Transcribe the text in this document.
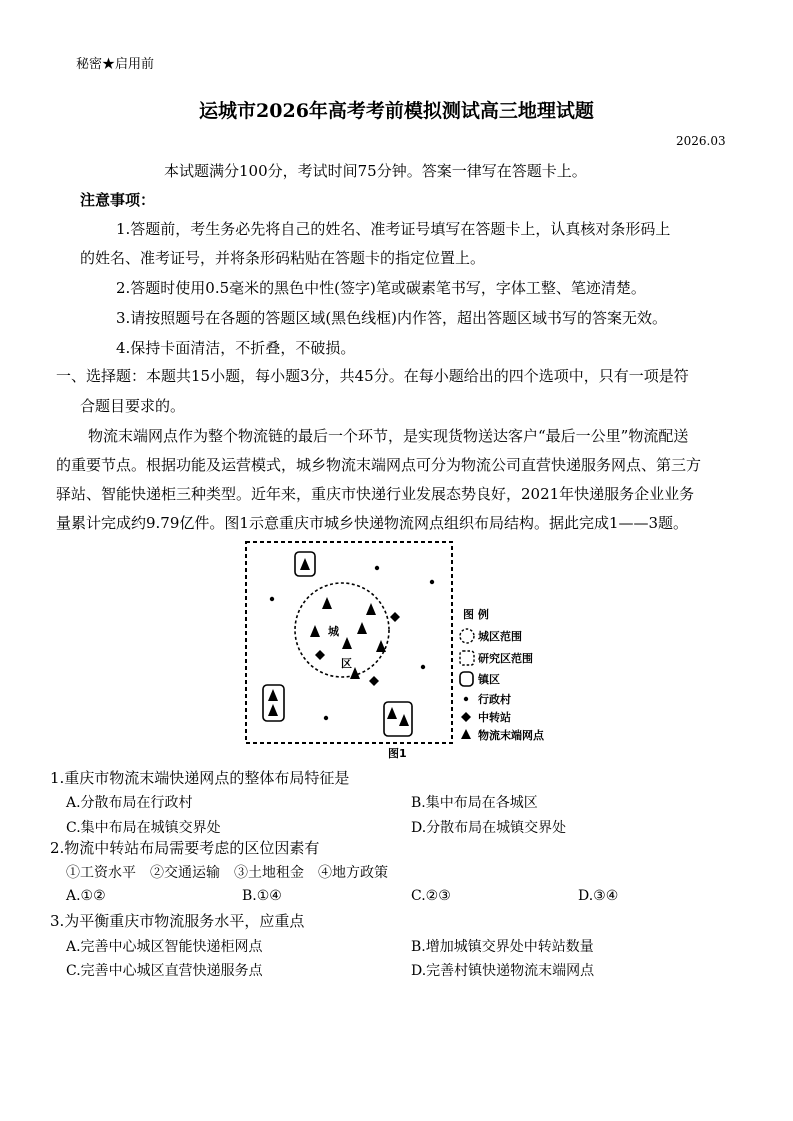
秘密★启用前
运城市2026年高考考前模拟测试高三地理试题
2026.03
本试题满分100分，考试时间75分钟。答案一律写在答题卡上。
注意事项：
1.答题前，考生务必先将自己的姓名、准考证号填写在答题卡上，认真核对条形码上
的姓名、准考证号，并将条形码粘贴在答题卡的指定位置上。
2.答题时使用0.5毫米的黑色中性(签字)笔或碳素笔书写，字体工整、笔迹清楚。
3.请按照题号在各题的答题区域(黑色线框)内作答，超出答题区域书写的答案无效。
4.保持卡面清洁，不折叠，不破损。
一、选择题：本题共15小题，每小题3分，共45分。在每小题给出的四个选项中，只有一项是符
合题目要求的。
物流末端网点作为整个物流链的最后一个环节，是实现货物送达客户“最后一公里”物流配送
的重要节点。根据功能及运营模式，城乡物流末端网点可分为物流公司直营快递服务网点、第三方
驿站、智能快递柜三种类型。近年来，重庆市快递行业发展态势良好，2021年快递服务企业业务
量累计完成约9.79亿件。图1示意重庆市城乡快递物流网点组织布局结构。据此完成1——3题。
城
区
图 例
城区范围
研究区范围
镇区
行政村
中转站
物流末端网点
图1
1.重庆市物流末端快递网点的整体布局特征是
A.分散布局在行政村	B.集中布局在各城区
C.集中布局在城镇交界处	D.分散布局在城镇交界处
2.物流中转站布局需要考虑的区位因素有
①工资水平　②交通运输　③土地租金　④地方政策
A.①②	B.①④	C.②③	D.③④
3.为平衡重庆市物流服务水平，应重点
A.完善中心城区智能快递柜网点	B.增加城镇交界处中转站数量
C.完善中心城区直营快递服务点	D.完善村镇快递物流末端网点
